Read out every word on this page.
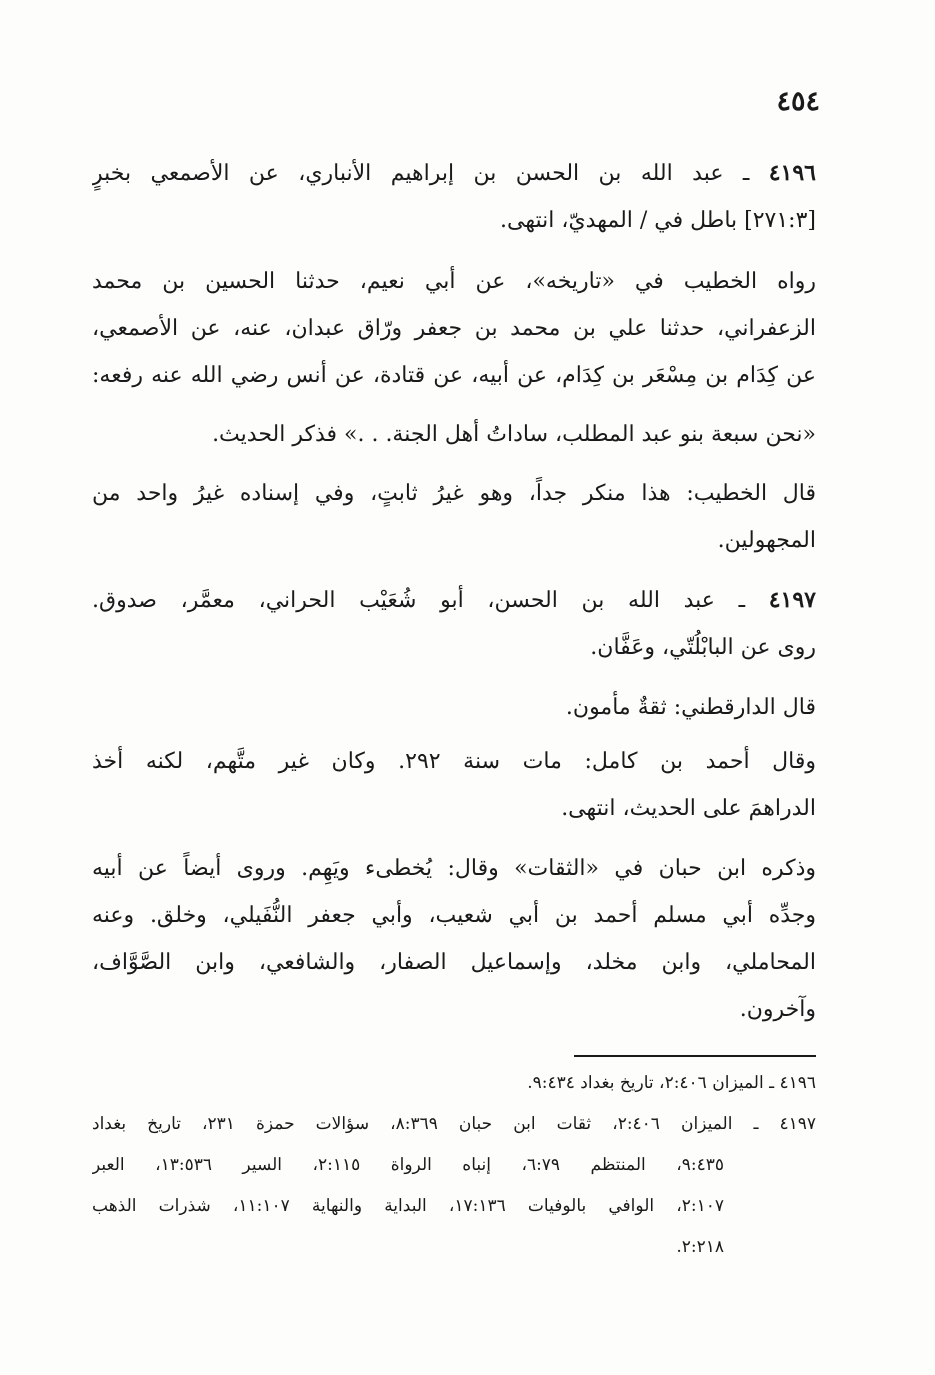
٤٥٤
٤١٩٦ ـ عبد الله بن الحسن بن إبراهيم الأنباري، عن الأصمعي بخبرٍ
[٢٧١:٣] باطل في / المهديّ، انتهى.
رواه الخطيب في «تاريخه»، عن أبي نعيم، حدثنا الحسين بن محمد
الزعفراني، حدثنا علي بن محمد بن جعفر ورّاق عبدان، عنه، عن الأصمعي،
عن كِدَام بن مِسْعَر بن كِدَام، عن أبيه، عن قتادة، عن أنس رضي الله عنه رفعه:
«نحن سبعة بنو عبد المطلب، ساداتُ أهل الجنة. . .» فذكر الحديث.
قال الخطيب: هذا منكر جداً، وهو غيرُ ثابتٍ، وفي إسناده غيرُ واحد من
المجهولين.
٤١٩٧ ـ عبد الله بن الحسن، أبو شُعَيْب الحراني، معمَّر، صدوق.
روى عن البابْلُتّي، وعَفَّان.
قال الدارقطني: ثقةٌ مأمون.
وقال أحمد بن كامل: مات سنة ٢٩٢. وكان غير متَّهم، لكنه أخذ
الدراهمَ على الحديث، انتهى.
وذكره ابن حبان في «الثقات» وقال: يُخطىء ويَهِم. وروى أيضاً عن أبيه
وجدِّه أبي مسلم أحمد بن أبي شعيب، وأبي جعفر النُّفَيلي، وخلق. وعنه
المحاملي، وابن مخلد، وإسماعيل الصفار، والشافعي، وابن الصَّوَّاف،
وآخرون.
٤١٩٦ ـ الميزان ٢:٤٠٦، تاريخ بغداد ٩:٤٣٤.
٤١٩٧ ـ الميزان ٢:٤٠٦، ثقات ابن حبان ٨:٣٦٩، سؤالات حمزة ٢٣١، تاريخ بغداد
٩:٤٣٥، المنتظم ٦:٧٩، إنباه الرواة ٢:١١٥، السير ١٣:٥٣٦، العبر
٢:١٠٧، الوافي بالوفيات ١٧:١٣٦، البداية والنهاية ١١:١٠٧، شذرات الذهب
٢:٢١٨.
